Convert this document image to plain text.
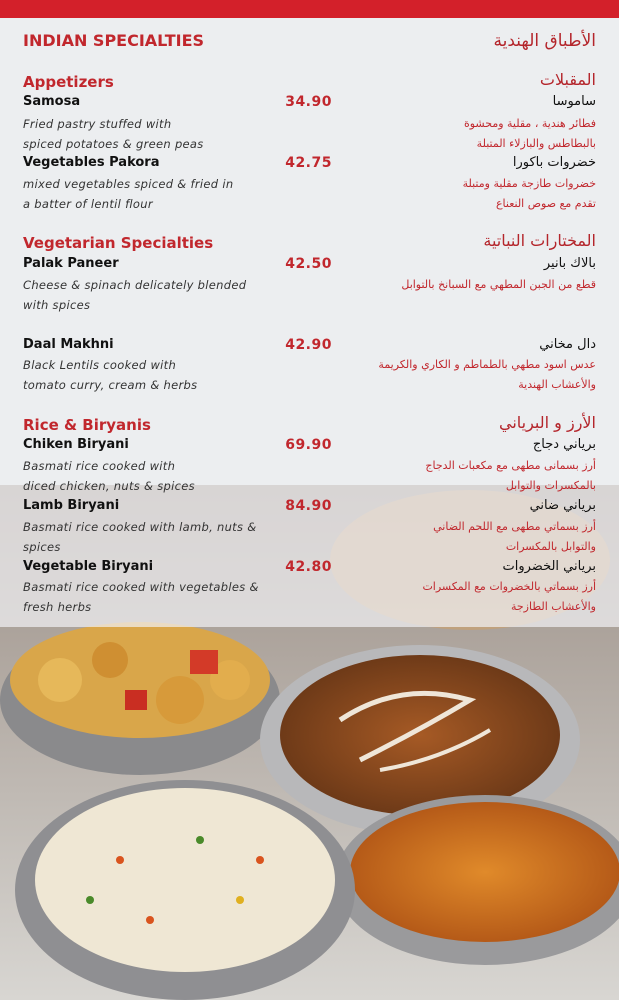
INDIAN SPECIALTIES	الأطباق الهندية
Appetizers	المقبلات
Samosa	34.90	ساموسا
Fried pastry stuffed with
spiced potatoes & green peas
فطائر هندية ، مقلية ومحشوة
بالبطاطس والبازلاء المتبلة
Vegetables Pakora	42.75	خضروات باكورا
mixed vegetables spiced & fried in
a batter of lentil flour
خضروات طازجة مقلية ومتبلة
تقدم مع صوص النعناع
Vegetarian Specialties	المختارات النباتية
Palak Paneer	42.50	بالاك بانير
Cheese & spinach delicately blended
with spices
قطع من الجبن المطهي مع السبانخ بالتوابل
Daal Makhni	42.90	دال مخاني
Black Lentils cooked with
tomato curry, cream & herbs
عدس اسود مطهي بالطماطم و الكاري والكريمة
والأعشاب الهندية
Rice & Biryanis	الأرز و البرياني
Chiken Biryani	69.90	برياني دجاج
Basmati rice cooked with
diced chicken, nuts & spices
أرز بسمانى مطهى مع مكعبات الدجاج
بالمكسرات والتوابل
Lamb Biryani	84.90	برياني ضاني
Basmati rice cooked with lamb, nuts &
spices
أرز بسماتي مطهى مع اللحم الضاني
والتوابل بالمكسرات
Vegetable Biryani	42.80	برياني الخضروات
Basmati rice cooked with vegetables &
fresh herbs
أرز بسماتي بالخضروات مع المكسرات
والأعشاب الطازجة
